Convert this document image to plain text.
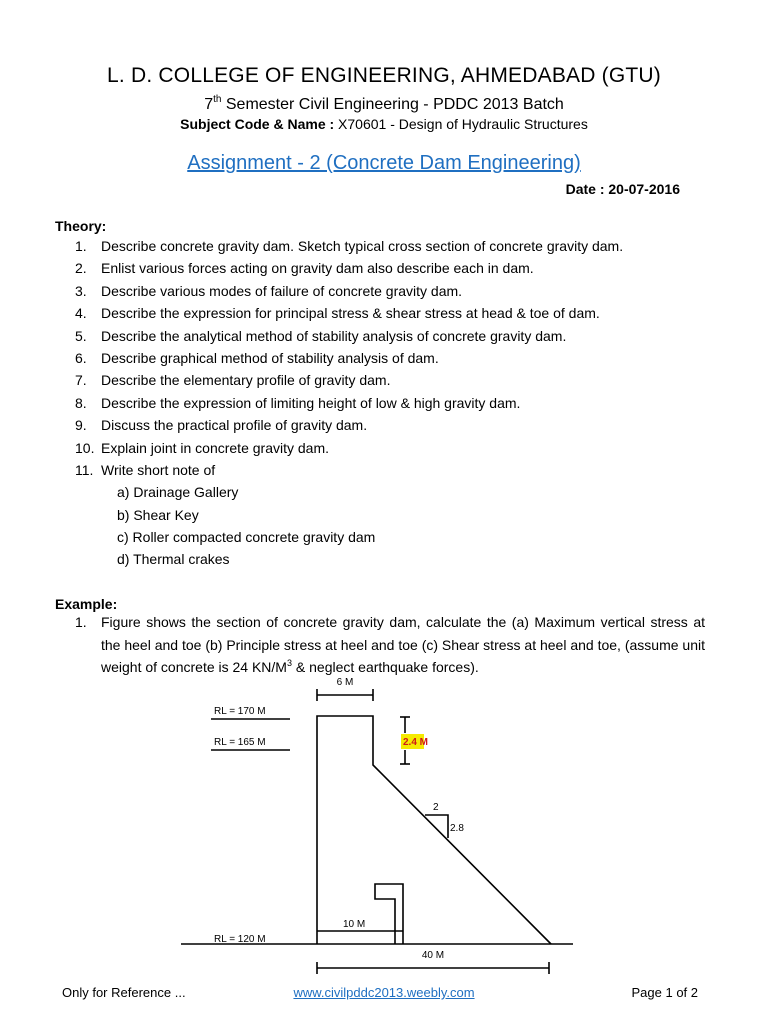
L. D. COLLEGE OF ENGINEERING, AHMEDABAD (GTU)
7th Semester Civil Engineering - PDDC 2013 Batch
Subject Code & Name : X70601 - Design of Hydraulic Structures
Assignment - 2 (Concrete Dam Engineering)
Date : 20-07-2016
Theory:
1. Describe concrete gravity dam. Sketch typical cross section of concrete gravity dam.
2. Enlist various forces acting on gravity dam also describe each in dam.
3. Describe various modes of failure of concrete gravity dam.
4. Describe the expression for principal stress & shear stress at head & toe of dam.
5. Describe the analytical method of stability analysis of concrete gravity dam.
6. Describe graphical method of stability analysis of dam.
7. Describe the elementary profile of gravity dam.
8. Describe the expression of limiting height of low & high gravity dam.
9. Discuss the practical profile of gravity dam.
10. Explain joint in concrete gravity dam.
11. Write short note of
a) Drainage Gallery
b) Shear Key
c) Roller compacted concrete gravity dam
d) Thermal crakes
Example:
1. Figure shows the section of concrete gravity dam, calculate the (a) Maximum vertical stress at the heel and toe (b) Principle stress at heel and toe (c) Shear stress at heel and toe, (assume unit weight of concrete is 24 $KN/M^3$ & neglect earthquake forces).
6 M
RL = 170 M
RL = 165 M	2.4 M
2
2.8
10 M
RL = 120 M
40 M
Only for Reference ...	www.civilpddc2013.weebly.com	Page 1 of 2
